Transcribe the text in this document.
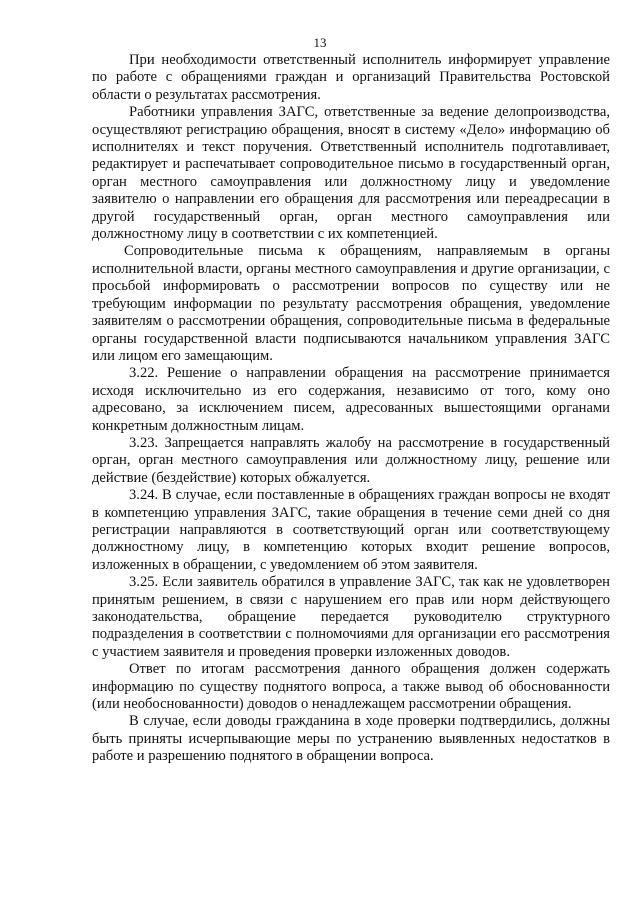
13

При необходимости ответственный исполнитель информирует управление по работе с обращениями граждан и организаций Правительства Ростовской области о результатах рассмотрения.

Работники управления ЗАГС, ответственные за ведение делопроизводства, осуществляют регистрацию обращения, вносят в систему «Дело» информацию об исполнителях и текст поручения. Ответственный исполнитель подготавливает, редактирует и распечатывает сопроводительное письмо в государственный орган, орган местного самоуправления или должностному лицу и уведомление заявителю о направлении его обращения для рассмотрения или переадресации в другой государственный орган, орган местного самоуправления или должностному лицу в соответствии с их компетенцией.

Сопроводительные письма к обращениям, направляемым в органы исполнительной власти, органы местного самоуправления и другие организации, с просьбой информировать о рассмотрении вопросов по существу или не требующим информации по результату рассмотрения обращения, уведомление заявителям о рассмотрении обращения, сопроводительные письма в федеральные органы государственной власти подписываются начальником управления ЗАГС или лицом его замещающим.

3.22. Решение о направлении обращения на рассмотрение принимается исходя исключительно из его содержания, независимо от того, кому оно адресовано, за исключением писем, адресованных вышестоящими органами конкретным должностным лицам.

3.23. Запрещается направлять жалобу на рассмотрение в государственный орган, орган местного самоуправления или должностному лицу, решение или действие (бездействие) которых обжалуется.

3.24. В случае, если поставленные в обращениях граждан вопросы не входят в компетенцию управления ЗАГС, такие обращения в течение семи дней со дня регистрации направляются в соответствующий орган или соответствующему должностному лицу, в компетенцию которых входит решение вопросов, изложенных в обращении, с уведомлением об этом заявителя.

3.25. Если заявитель обратился в управление ЗАГС, так как не удовлетворен принятым решением, в связи с нарушением его прав или норм действующего законодательства, обращение передается руководителю структурного подразделения в соответствии с полномочиями для организации его рассмотрения с участием заявителя и проведения проверки изложенных доводов.

Ответ по итогам рассмотрения данного обращения должен содержать информацию по существу поднятого вопроса, а также вывод об обоснованности (или необоснованности) доводов о ненадлежащем рассмотрении обращения.

В случае, если доводы гражданина в ходе проверки подтвердились, должны быть приняты исчерпывающие меры по устранению выявленных недостатков в работе и разрешению поднятого в обращении вопроса.
